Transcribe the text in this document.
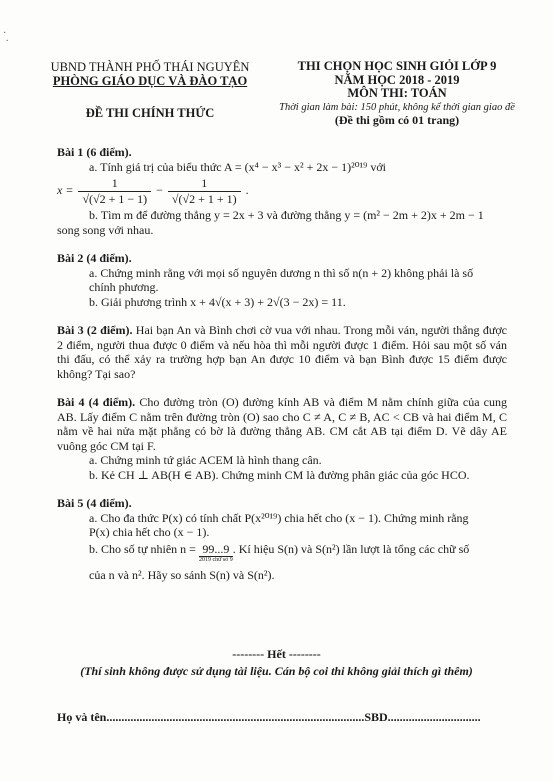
·
·
UBND THÀNH PHỐ THÁI NGUYÊN
PHÒNG GIÁO DỤC VÀ ĐÀO TẠO
ĐỀ THI CHÍNH THỨC
THI CHỌN HỌC SINH GIỎI LỚP 9
NĂM HỌC 2018 - 2019
MÔN THI: TOÁN
Thời gian làm bài: 150 phút, không kể thời gian giao đề
(Đề thi gồm có 01 trang)
Bài 1 (6 điểm).
a. Tính giá trị của biểu thức A = (x⁴ − x³ − x² + 2x − 1)²⁰¹⁹ với
$x = \frac{1}{√(√2 + 1 - 1)} - \frac{1}{√(√2 + 1 + 1)}$ .
b. Tìm m để đường thẳng y = 2x + 3 và đường thẳng y = (m² − 2m + 2)x + 2m − 1
song song với nhau.
Bài 2 (4 điểm).
a. Chứng minh rằng với mọi số nguyên dương n thì số n(n + 2) không phải là số
chính phương.
b. Giải phương trình x + 4√(x + 3) + 2√(3 − 2x) = 11.
Bài 3 (2 điểm). Hai bạn An và Bình chơi cờ vua với nhau. Trong mỗi ván, người thắng được 2 điểm, người thua được 0 điểm và nếu hòa thì mỗi người được 1 điểm. Hỏi sau một số ván thi đấu, có thể xảy ra trường hợp bạn An được 10 điểm và bạn Bình được 15 điểm được không? Tại sao?
Bài 4 (4 điểm). Cho đường tròn (O) đường kính AB và điểm M nằm chính giữa của cung AB. Lấy điểm C nằm trên đường tròn (O) sao cho C ≠ A, C ≠ B, AC < CB và hai điểm M, C nằm về hai nửa mặt phẳng có bờ là đường thẳng AB. CM cắt AB tại điểm D. Vẽ dây AE vuông góc CM tại F.
a. Chứng minh tứ giác ACEM là hình thang cân.
b. Kẻ CH ⊥ AB(H ∈ AB). Chứng minh CM là đường phân giác của góc HCO.
Bài 5 (4 điểm).
a. Cho đa thức P(x) có tính chất P(x²⁰¹⁹) chia hết cho (x − 1). Chứng minh rằng
P(x) chia hết cho (x − 1).
b. Cho số tự nhiên n = 99...9
2019 chữ số 9
. Kí hiệu S(n) và S(n²) lần lượt là tổng các chữ số
của n và n². Hãy so sánh S(n) và S(n²).
-------- Hết --------
(Thí sinh không được sử dụng tài liệu. Cán bộ coi thi không giải thích gì thêm)
Họ và tên......................................................................................SBD...............................
